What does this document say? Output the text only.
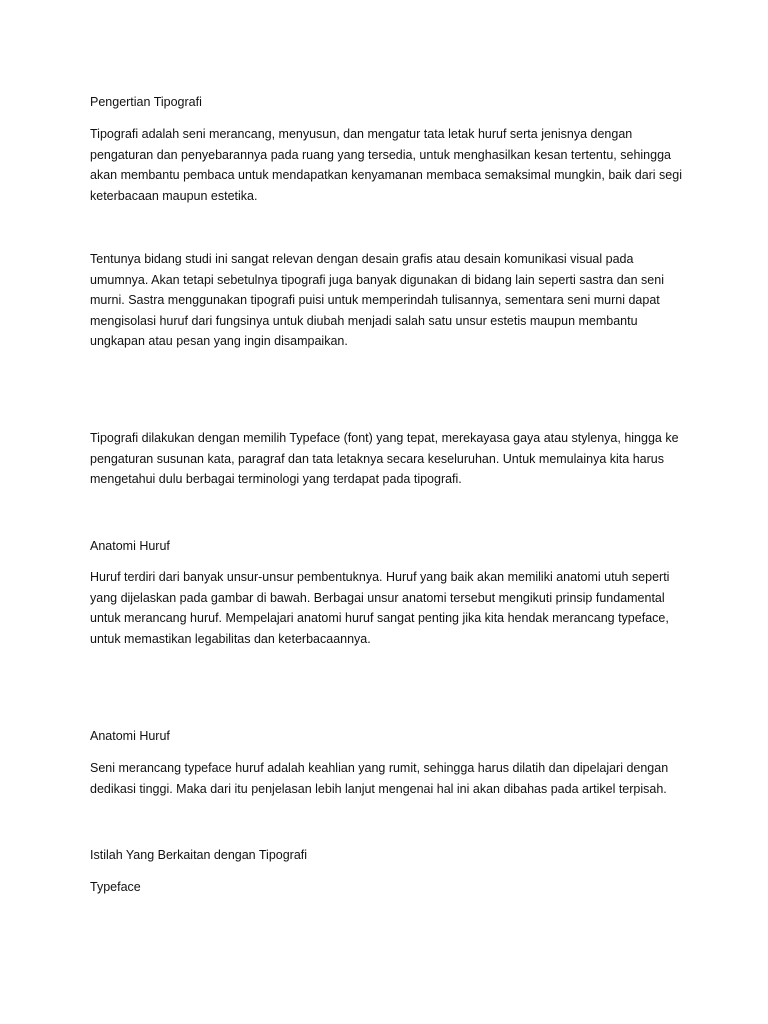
Pengertian Tipografi

Tipografi adalah seni merancang, menyusun, dan mengatur tata letak huruf serta jenisnya dengan pengaturan dan penyebarannya pada ruang yang tersedia, untuk menghasilkan kesan tertentu, sehingga akan membantu pembaca untuk mendapatkan kenyamanan membaca semaksimal mungkin, baik dari segi keterbacaan maupun estetika.

Tentunya bidang studi ini sangat relevan dengan desain grafis atau desain komunikasi visual pada umumnya. Akan tetapi sebetulnya tipografi juga banyak digunakan di bidang lain seperti sastra dan seni murni. Sastra menggunakan tipografi puisi untuk memperindah tulisannya, sementara seni murni dapat mengisolasi huruf dari fungsinya untuk diubah menjadi salah satu unsur estetis maupun membantu ungkapan atau pesan yang ingin disampaikan.

Tipografi dilakukan dengan memilih Typeface (font) yang tepat, merekayasa gaya atau stylenya, hingga ke pengaturan susunan kata, paragraf dan tata letaknya secara keseluruhan. Untuk memulainya kita harus mengetahui dulu berbagai terminologi yang terdapat pada tipografi.

Anatomi Huruf

Huruf terdiri dari banyak unsur-unsur pembentuknya. Huruf yang baik akan memiliki anatomi utuh seperti yang dijelaskan pada gambar di bawah. Berbagai unsur anatomi tersebut mengikuti prinsip fundamental untuk merancang huruf. Mempelajari anatomi huruf sangat penting jika kita hendak merancang typeface, untuk memastikan legabilitas dan keterbacaannya.

Anatomi Huruf

Seni merancang typeface huruf adalah keahlian yang rumit, sehingga harus dilatih dan dipelajari dengan dedikasi tinggi. Maka dari itu penjelasan lebih lanjut mengenai hal ini akan dibahas pada artikel terpisah.

Istilah Yang Berkaitan dengan Tipografi

Typeface
